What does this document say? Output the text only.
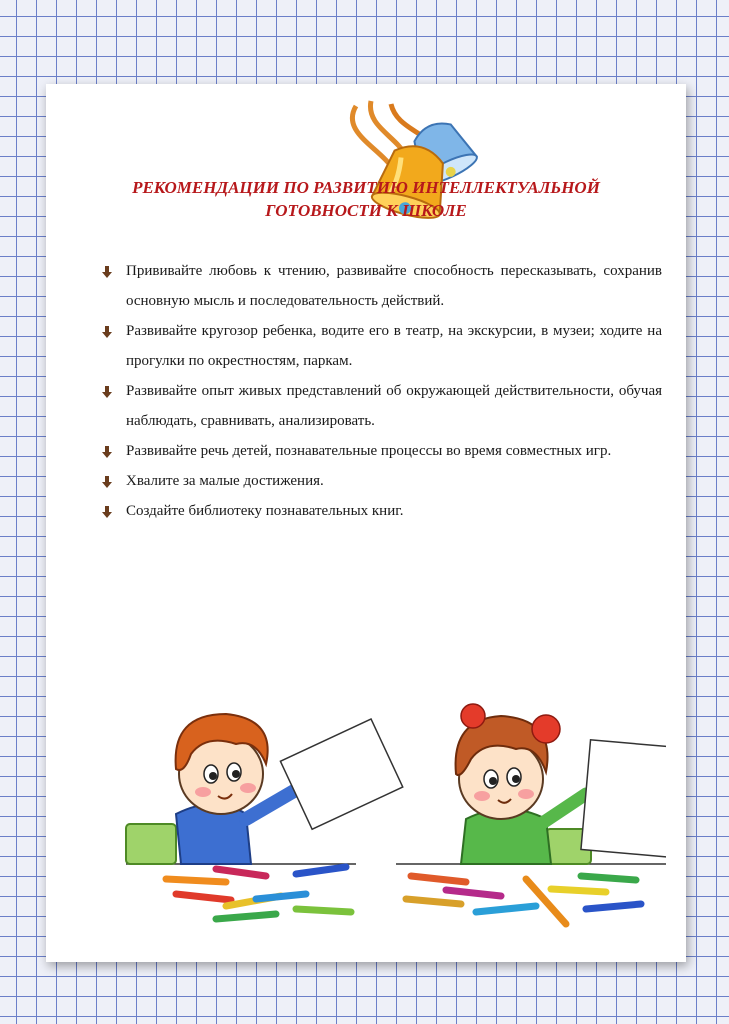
РЕКОМЕНДАЦИИ ПО РАЗВИТИЮ ИНТЕЛЛЕКТУАЛЬНОЙ
ГОТОВНОСТИ К ШКОЛЕ
Прививайте любовь к чтению, развивайте способность пересказывать, сохранив основную мысль и последовательность действий.
Развивайте кругозор ребенка, водите его в театр, на экскурсии, в музеи; ходите на прогулки по окрестностям, паркам.
Развивайте опыт живых представлений об окружающей действительности, обучая наблюдать, сравнивать, анализировать.
Развивайте речь детей, познавательные процессы во время совместных игр.
Хвалите за малые достижения.
Создайте библиотеку познавательных книг.
